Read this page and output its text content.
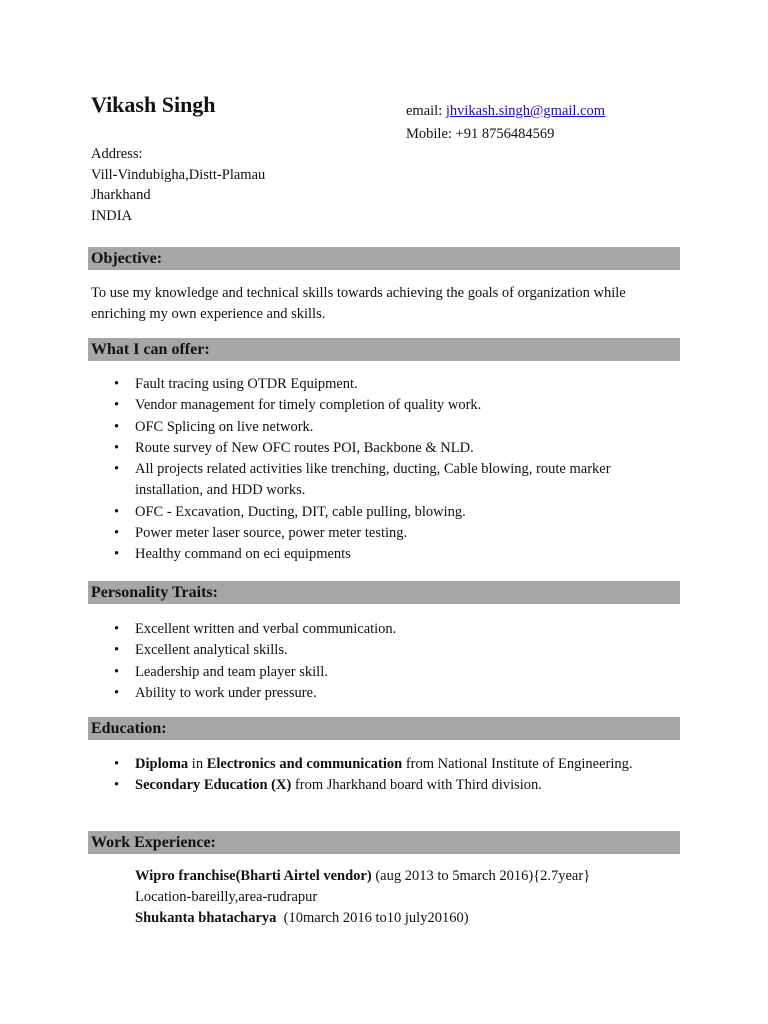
Vikash Singh	email: jhvikash.singh@gmail.com
Mobile: +91 8756484569
Address:
Vill-Vindubigha,Distt-Plamau
Jharkhand
INDIA
Objective:

To use my knowledge and technical skills towards achieving the goals of organization while enriching my own experience and skills.

What I can offer:
• Fault tracing using OTDR Equipment.
• Vendor management for timely completion of quality work.
• OFC Splicing on live network.
• Route survey of New OFC routes POI, Backbone & NLD.
• All projects related activities like trenching, ducting, Cable blowing, route marker installation, and HDD works.
• OFC - Excavation, Ducting, DIT, cable pulling, blowing.
• Power meter laser source, power meter testing.
• Healthy command on eci equipments
Personality Traits:
• Excellent written and verbal communication.
• Excellent analytical skills.
• Leadership and team player skill.
• Ability to work under pressure.
Education:
• Diploma in Electronics and communication from National Institute of Engineering.
• Secondary Education (X) from Jharkhand board with Third division.
Work Experience:
Wipro franchise(Bharti Airtel vendor) (aug 2013 to 5march 2016){2.7year}
Location-bareilly,area-rudrapur
Shukanta bhatacharya  (10march 2016 to10 july20160)
